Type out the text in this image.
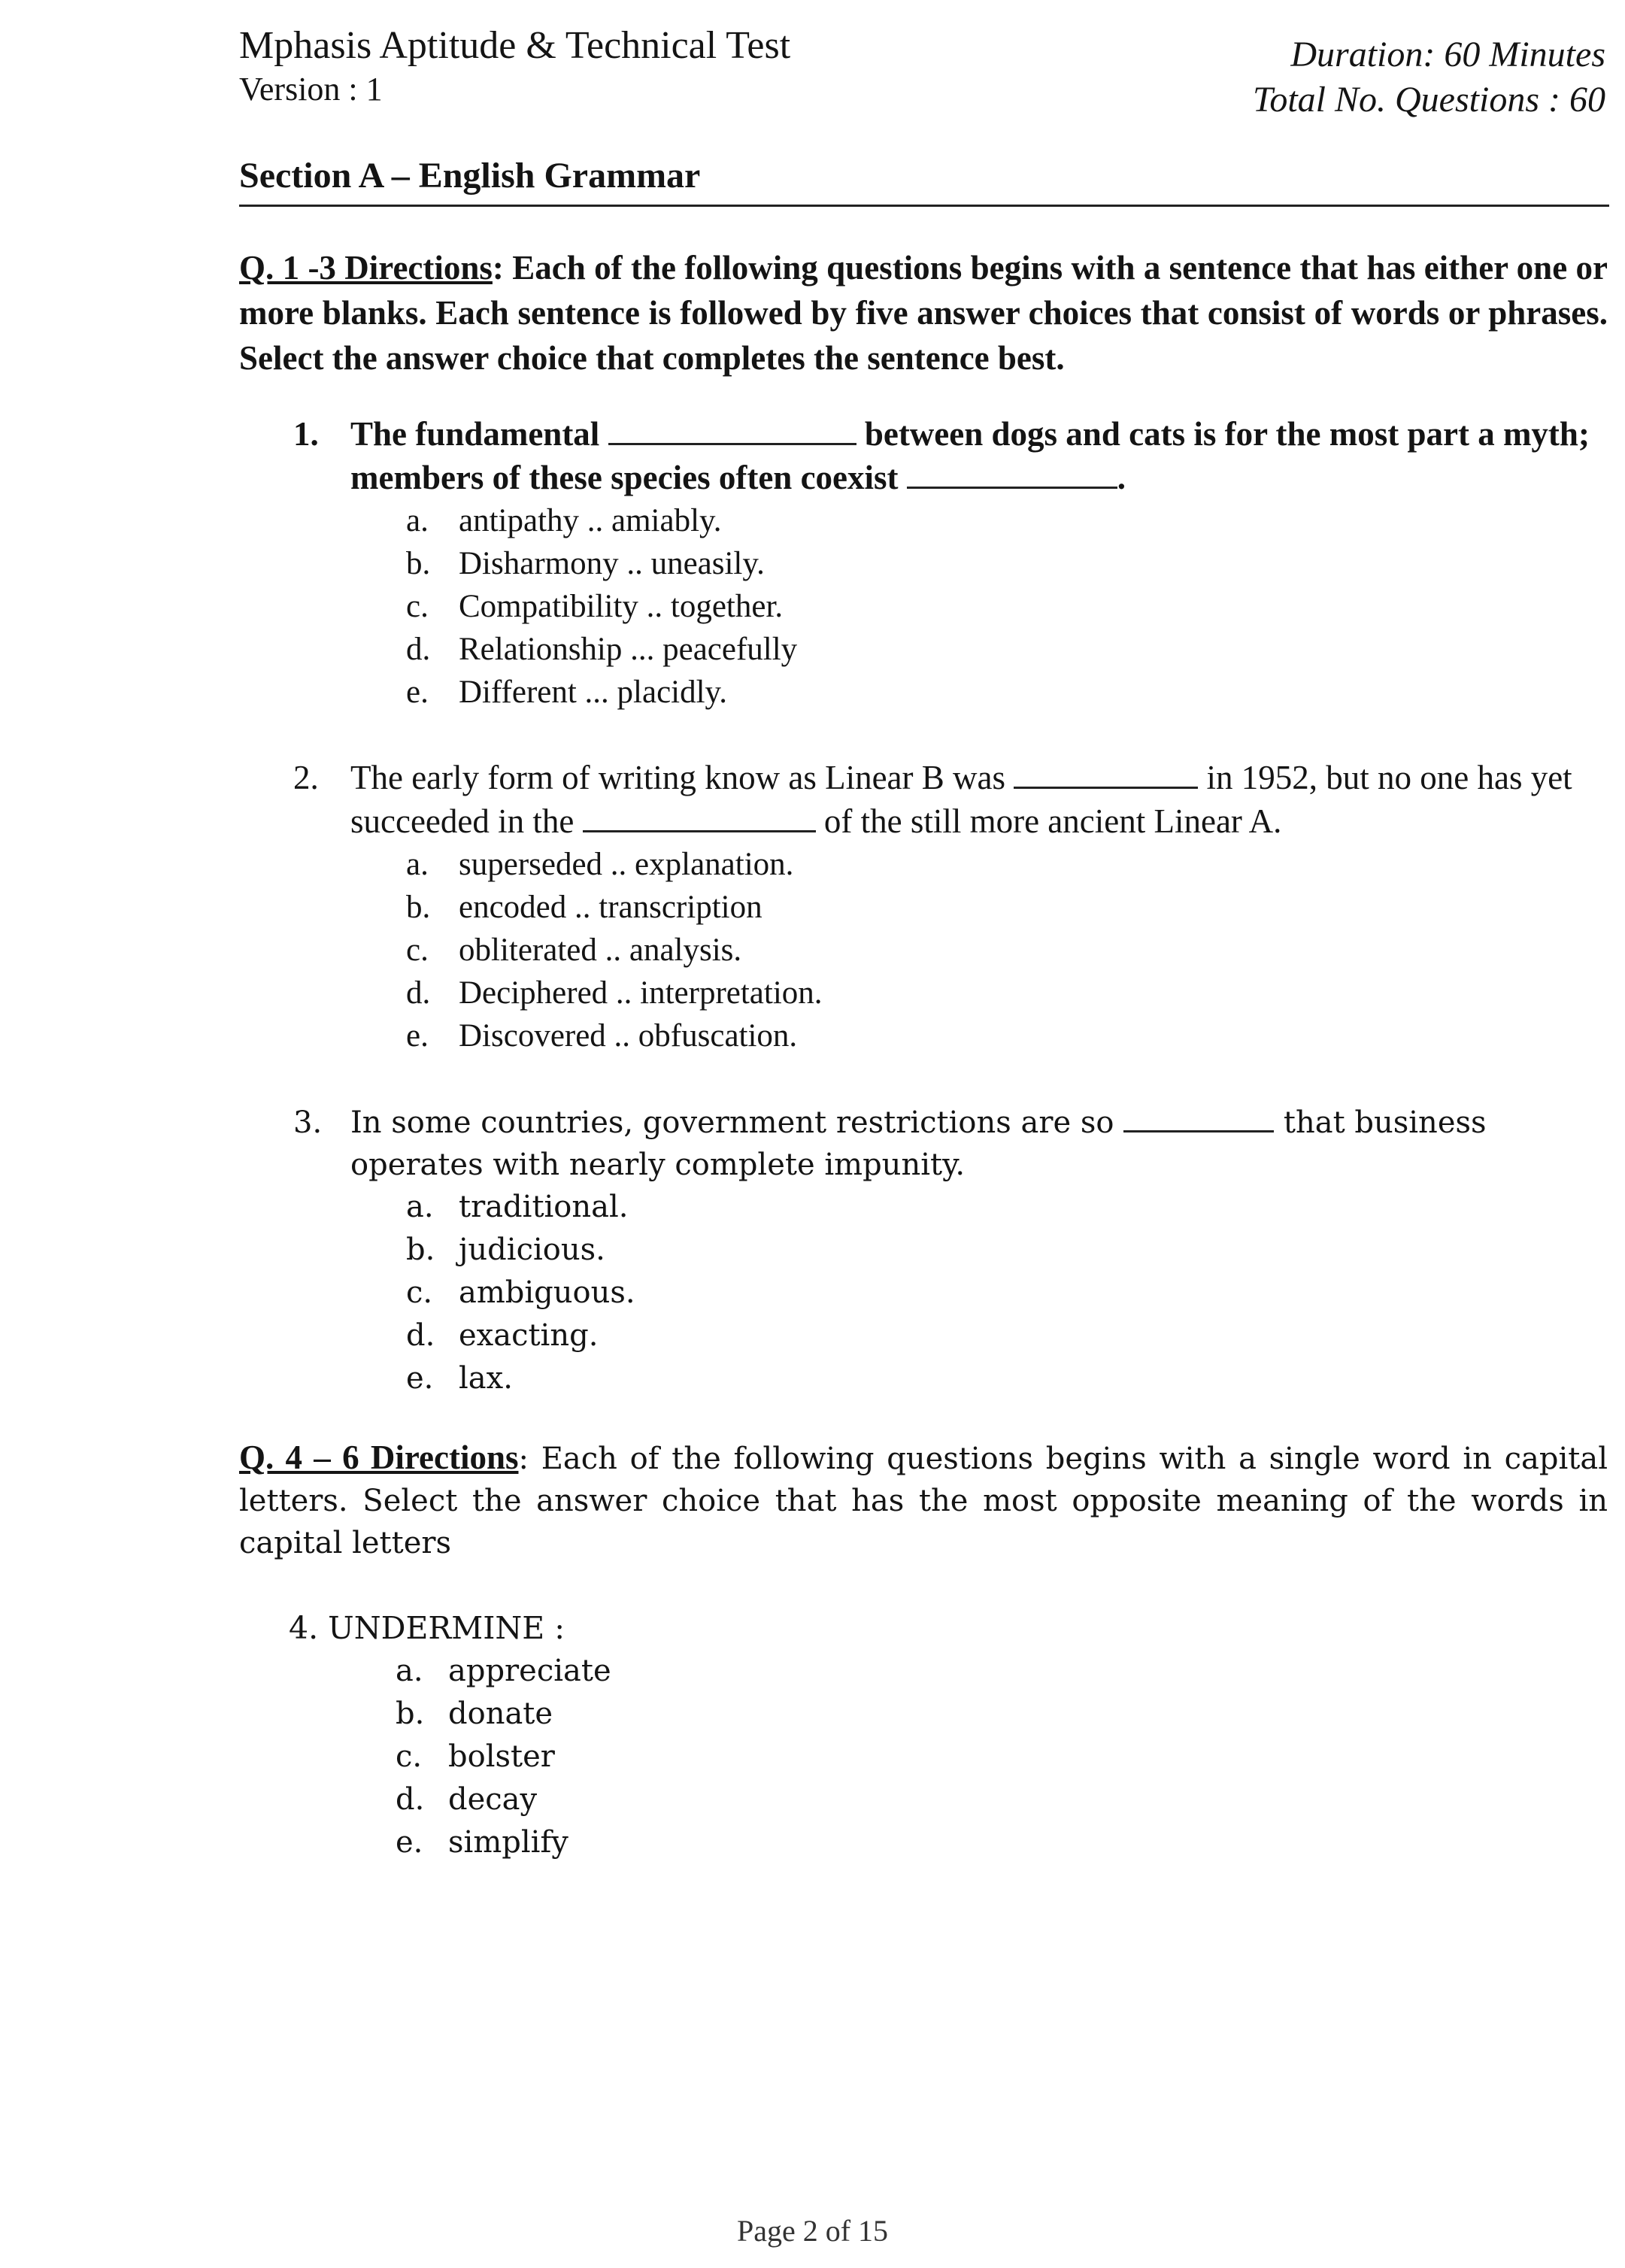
Mphasis Aptitude & Technical Test
Version : 1
Duration: 60 Minutes
Total No. Questions : 60
Section A – English Grammar
Q. 1 -3 Directions: Each of the following questions begins with a sentence that has either one or more blanks. Each sentence is followed by five answer choices that consist of words or phrases. Select the answer choice that completes the sentence best.
1. The fundamental	between dogs and cats is for the most part a myth; members of these species often coexist	.
a. antipathy .. amiably.
b. Disharmony .. uneasily.
c. Compatibility .. together.
d. Relationship ... peacefully
e. Different ... placidly.
2. The early form of writing know as Linear B was	in 1952, but no one has yet succeeded in the	of the still more ancient Linear A.
a. superseded .. explanation.
b. encoded .. transcription
c. obliterated .. analysis.
d. Deciphered .. interpretation.
e. Discovered .. obfuscation.
3. In some countries, government restrictions are so	that business operates with nearly complete impunity.
a. traditional.
b. judicious.
c. ambiguous.
d. exacting.
e. lax.
Q. 4 – 6 Directions: Each of the following questions begins with a single word in capital letters. Select the answer choice that has the most opposite meaning of the words in capital letters
4. UNDERMINE :
a. appreciate
b. donate
c. bolster
d. decay
e. simplify
Page 2 of 15
